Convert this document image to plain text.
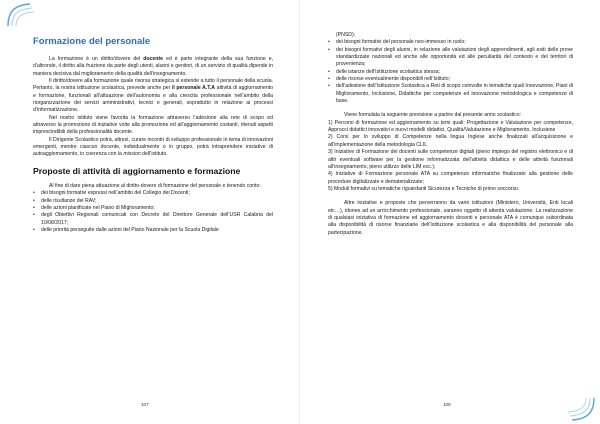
Formazione del personale

La formazione è un diritto/dovere del docente ed è parte integrante della sua funzione e, d’altronde, il diritto alla fruizione da parte degli utenti, alunni e genitori, di un servizio di qualità dipende in maniera decisiva dal miglioramento della qualità dell’insegnamento.

Il diritto/dovere alla formazione quale risorsa strategica si estende a tutto il personale della scuola. Pertanto, la nostra istituzione scolastica, prevede anche per il personale A.T.A attività di aggiornamento e formazione, funzionali all’attuazione dell’autonomia e alla crescita professionale nell’ambito della riorganizzazione dei servizi amministrativi, tecnici e generali, soprattutto in relazione ai processi d’informatizzazione.

Nel nostro istituto viene favorita la formazione attraverso l’adesione alla rete di scopo ed attraverso la promozione di iniziative volte alla promozione ed all’aggiornamento costanti, ritenuti aspetti imprescindibili della professionalità docente.

Il Dirigente Scolastico potrà, altresì, curare incontri di sviluppo professionale in tema di innovazioni emergenti, mentre ciascun docente, individualmente o in gruppo, potrà intraprendere iniziative di autoaggiornamento, in coerenza con la mission dell’istituto.

Proposte di attività di aggiornamento e formazione

Al fine di dare piena attuazione al diritto-dovere di formazione del personale e tenendo conto:

• dei bisogni formativi espressi nell’ambito del Collegio dei Docenti;
• delle risultanze del RAV;
• delle azioni pianificate nel Piano di Miglioramento;
• degli Obiettivi Regionali comunicati con Decreto del Direttore Generale dell’USR Calabria del 10/08/2017;
• delle priorità perseguite dalle azioni del Piano Nazionale per la Scuola Digitale
107

(PNSD);

• dei bisogni formativi del personale neo-immesso in ruolo;
• dei bisogni formativi degli alunni, in relazione alle valutazioni degli apprendimenti, agli esiti delle prove standardizzate nazionali ed anche alle opportunità ed alle peculiarità del contesto e dei territori di provenienza;
• delle istanze dell’Istituzione scolastica stessa;
• delle risorse eventualmente disponibili nell’Istituto;
• dell’adesione dell’Istituzione Scolastica a Reti di scopo coinvolte in tematiche quali Innovazione, Piani di Miglioramento, Inclusione, Didattiche per competenze ed innovazione metodologica e competenze di base.

Viene formulata la seguente previsione a partire dal presente anno scolastico:

1) Percorsi di formazione ed aggiornamento su temi quali: Progettazione e Valutazione per competenze, Approcci didattici innovativi e nuovi modelli didattici, Qualità/Valutazione e Miglioramento, Inclusione
2) Corsi per lo sviluppo di Competenze nella lingua Inglese anche finalizzati all’acquisizione e all’implementazione della metodologia CLIL
3) Iniziative di Formazione dei docenti sulle competenze digitali (pieno impiego del registro elettronico e di altri eventuali software per la gestione informatizzata dell’attività didattica e delle attività funzionali all’insegnamento, pieno utilizzo delle LIM ecc.);
4) Iniziative di Formazione personale ATA su competenze informatiche finalizzate alla gestione delle procedure digitalizzate e dematerializzate;
5) Moduli formativi su tematiche riguardanti Sicurezza e Tecniche di primo soccorso.

Altre iniziative e proposte che perverranno da varie istituzioni (Ministero, Università, Enti locali etc…), idonee ad un arricchimento professionale, saranno oggetto di attenta valutazione. La realizzazione di qualsiasi iniziativa di formazione ed aggiornamento docenti e personale ATA è comunque subordinata alla disponibilità di risorse finanziarie dell’Istituzione scolastica e alla disponibilità del personale alla partecipazione.

108
